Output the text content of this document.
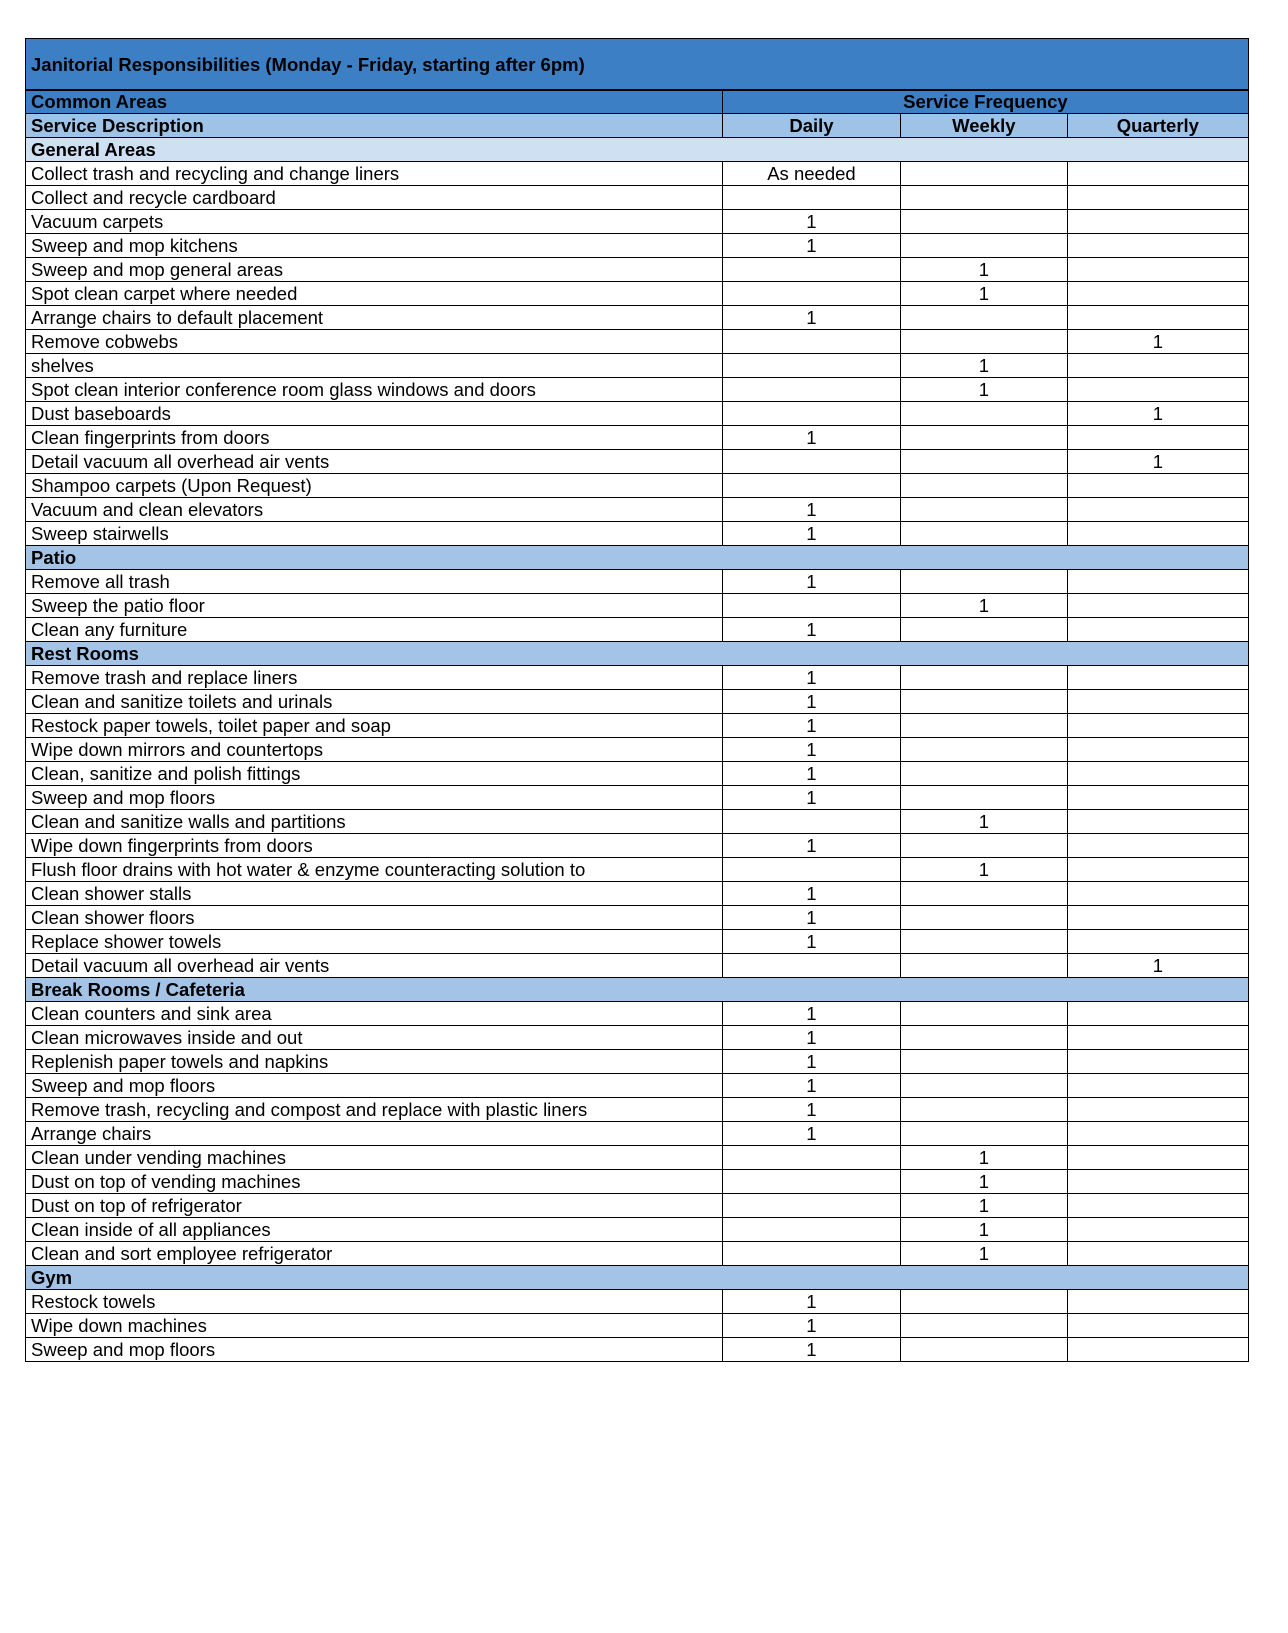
Janitorial Responsibilities (Monday - Friday, starting after 6pm)			
Common Areas	Service Frequency		
Service Description	Daily	Weekly	Quarterly
General Areas			
Collect trash and recycling and change liners	As needed		
Collect and recycle cardboard			
Vacuum carpets	1		
Sweep and mop kitchens	1		
Sweep and mop general areas		1	
Spot clean carpet where needed		1	
Arrange chairs to default placement	1		
Remove cobwebs			1
shelves		1	
Spot clean interior conference room glass windows and doors		1	
Dust baseboards			1
Clean fingerprints from doors	1		
Detail vacuum all overhead air vents			1
Shampoo carpets (Upon Request)			
Vacuum and clean elevators	1		
Sweep stairwells	1		
Patio			
Remove all trash	1		
Sweep the patio floor		1	
Clean any furniture	1		
Rest Rooms			
Remove trash and replace liners	1		
Clean and sanitize toilets and urinals	1		
Restock paper towels, toilet paper and soap	1		
Wipe down mirrors and countertops	1		
Clean, sanitize and polish fittings	1		
Sweep and mop floors	1		
Clean and sanitize walls and partitions		1	
Wipe down fingerprints from doors	1		
Flush floor drains with hot water & enzyme counteracting solution to		1	
Clean shower stalls	1		
Clean shower floors	1		
Replace shower towels	1		
Detail vacuum all overhead air vents			1
Break Rooms / Cafeteria			
Clean counters and sink area	1		
Clean microwaves inside and out	1		
Replenish paper towels and napkins	1		
Sweep and mop floors	1		
Remove trash, recycling and compost and replace with plastic liners	1		
Arrange chairs	1		
Clean under vending machines		1	
Dust on top of vending machines		1	
Dust on top of refrigerator		1	
Clean inside of all appliances		1	
Clean and sort employee refrigerator		1	
Gym			
Restock towels	1		
Wipe down machines	1		
Sweep and mop floors	1		
